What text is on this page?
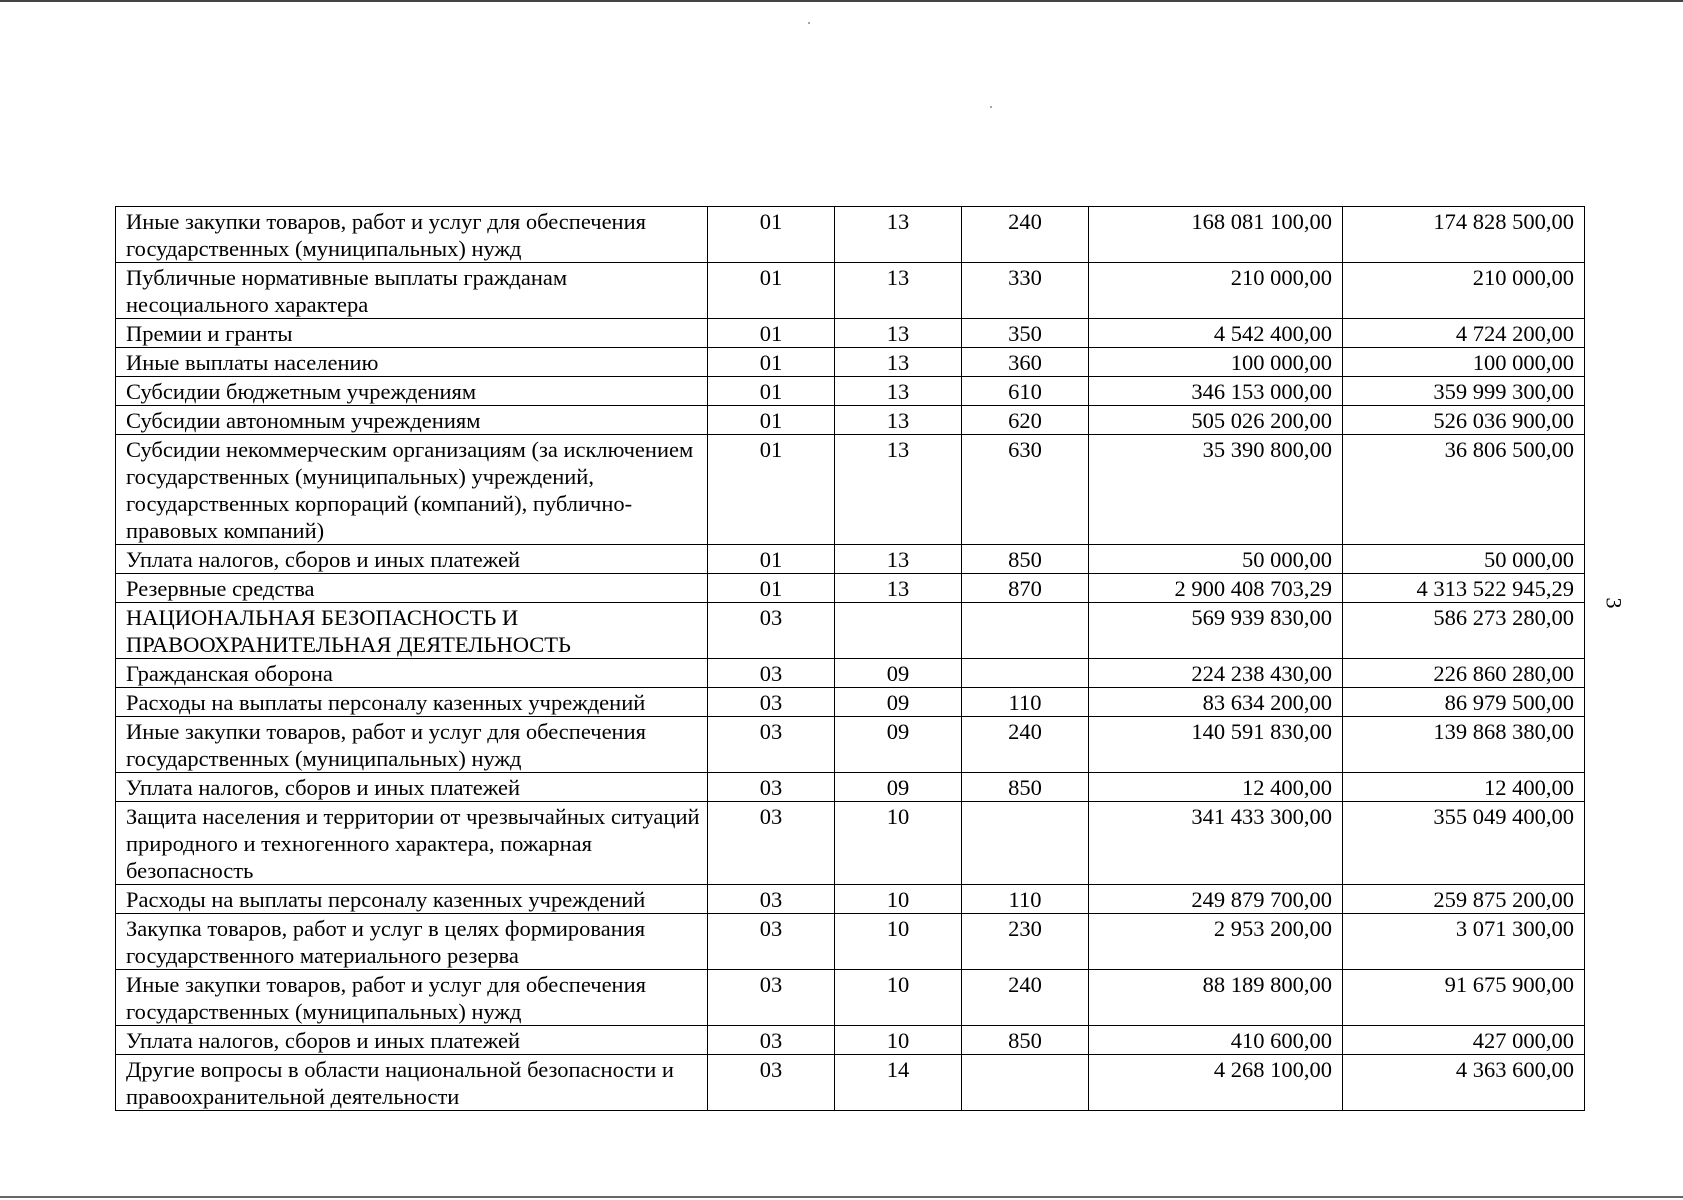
3
Иные закупки товаров, работ и услуг для обеспечения государственных (муниципальных) нужд	01	13	240	168 081 100,00	174 828 500,00
Публичные нормативные выплаты гражданам несоциального характера	01	13	330	210 000,00	210 000,00
Премии и гранты	01	13	350	4 542 400,00	4 724 200,00
Иные выплаты населению	01	13	360	100 000,00	100 000,00
Субсидии бюджетным учреждениям	01	13	610	346 153 000,00	359 999 300,00
Субсидии автономным учреждениям	01	13	620	505 026 200,00	526 036 900,00
Субсидии некоммерческим организациям (за исключением государственных (муниципальных) учреждений, государственных корпораций (компаний), публично-правовых компаний)	01	13	630	35 390 800,00	36 806 500,00
Уплата налогов, сборов и иных платежей	01	13	850	50 000,00	50 000,00
Резервные средства	01	13	870	2 900 408 703,29	4 313 522 945,29
НАЦИОНАЛЬНАЯ БЕЗОПАСНОСТЬ И ПРАВООХРАНИТЕЛЬНАЯ ДЕЯТЕЛЬНОСТЬ	03			569 939 830,00	586 273 280,00
Гражданская оборона	03	09		224 238 430,00	226 860 280,00
Расходы на выплаты персоналу казенных учреждений	03	09	110	83 634 200,00	86 979 500,00
Иные закупки товаров, работ и услуг для обеспечения государственных (муниципальных) нужд	03	09	240	140 591 830,00	139 868 380,00
Уплата налогов, сборов и иных платежей	03	09	850	12 400,00	12 400,00
Защита населения и территории от чрезвычайных ситуаций природного и техногенного характера, пожарная безопасность	03	10		341 433 300,00	355 049 400,00
Расходы на выплаты персоналу казенных учреждений	03	10	110	249 879 700,00	259 875 200,00
Закупка товаров, работ и услуг в целях формирования государственного материального резерва	03	10	230	2 953 200,00	3 071 300,00
Иные закупки товаров, работ и услуг для обеспечения государственных (муниципальных) нужд	03	10	240	88 189 800,00	91 675 900,00
Уплата налогов, сборов и иных платежей	03	10	850	410 600,00	427 000,00
Другие вопросы в области национальной безопасности и правоохранительной деятельности	03	14		4 268 100,00	4 363 600,00
